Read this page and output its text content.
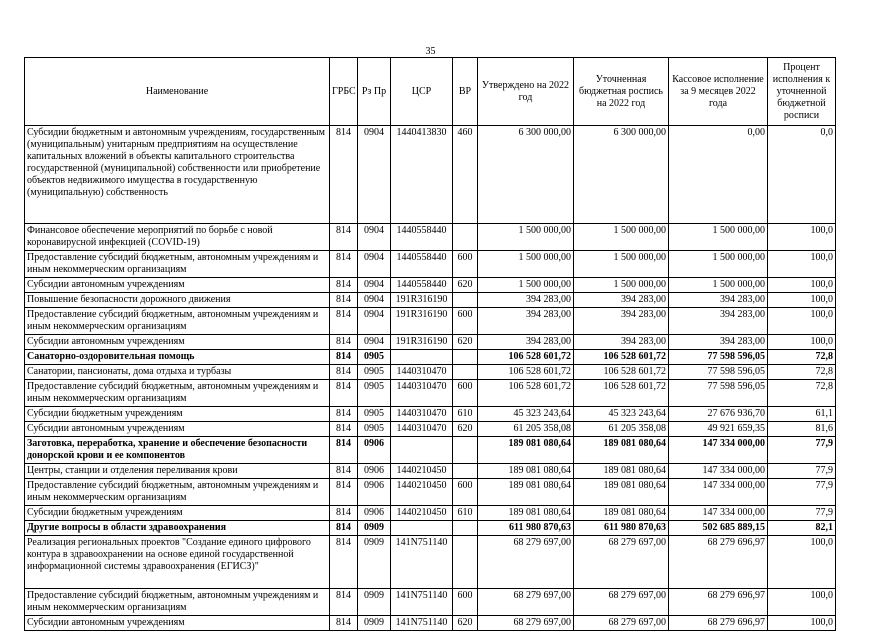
35
Наименование	ГРБС	Рз Пр	ЦСР	ВР	Утверждено на 2022 год	Уточненная бюджетная роспись на 2022 год	Кассовое исполнение за 9 месяцев 2022 года	Процент исполнения к уточненной бюджетной росписи
Субсидии бюджетным и автономным учреждениям, государственным (муниципальным) унитарным предприятиям на осуществление капитальных вложений в объекты капитального строительства государственной (муниципальной) собственности или приобретение объектов недвижимого имущества в государственную (муниципальную) собственность	814	0904	1440413830	460	6 300 000,00	6 300 000,00	0,00	0,0
Финансовое обеспечение мероприятий по борьбе с новой коронавирусной инфекцией (COVID-19)	814	0904	1440558440		1 500 000,00	1 500 000,00	1 500 000,00	100,0
Предоставление субсидий бюджетным, автономным учреждениям и иным некоммерческим организациям	814	0904	1440558440	600	1 500 000,00	1 500 000,00	1 500 000,00	100,0
Субсидии автономным учреждениям	814	0904	1440558440	620	1 500 000,00	1 500 000,00	1 500 000,00	100,0
Повышение безопасности дорожного движения	814	0904	191R316190		394 283,00	394 283,00	394 283,00	100,0
Предоставление субсидий бюджетным, автономным учреждениям и иным некоммерческим организациям	814	0904	191R316190	600	394 283,00	394 283,00	394 283,00	100,0
Субсидии автономным учреждениям	814	0904	191R316190	620	394 283,00	394 283,00	394 283,00	100,0
Санаторно-оздоровительная помощь	814	0905			106 528 601,72	106 528 601,72	77 598 596,05	72,8
Санатории, пансионаты, дома отдыха и турбазы	814	0905	1440310470		106 528 601,72	106 528 601,72	77 598 596,05	72,8
Предоставление субсидий бюджетным, автономным учреждениям и иным некоммерческим организациям	814	0905	1440310470	600	106 528 601,72	106 528 601,72	77 598 596,05	72,8
Субсидии бюджетным учреждениям	814	0905	1440310470	610	45 323 243,64	45 323 243,64	27 676 936,70	61,1
Субсидии автономным учреждениям	814	0905	1440310470	620	61 205 358,08	61 205 358,08	49 921 659,35	81,6
Заготовка, переработка, хранение и обеспечение безопасности донорской крови и ее компонентов	814	0906			189 081 080,64	189 081 080,64	147 334 000,00	77,9
Центры, станции и отделения переливания крови	814	0906	1440210450		189 081 080,64	189 081 080,64	147 334 000,00	77,9
Предоставление субсидий бюджетным, автономным учреждениям и иным некоммерческим организациям	814	0906	1440210450	600	189 081 080,64	189 081 080,64	147 334 000,00	77,9
Субсидии бюджетным учреждениям	814	0906	1440210450	610	189 081 080,64	189 081 080,64	147 334 000,00	77,9
Другие вопросы в области здравоохранения	814	0909			611 980 870,63	611 980 870,63	502 685 889,15	82,1
Реализация региональных проектов "Создание единого цифрового контура в здравоохранении на основе единой государственной информационной системы здравоохранения (ЕГИСЗ)"	814	0909	141N751140		68 279 697,00	68 279 697,00	68 279 696,97	100,0
Предоставление субсидий бюджетным, автономным учреждениям и иным некоммерческим организациям	814	0909	141N751140	600	68 279 697,00	68 279 697,00	68 279 696,97	100,0
Субсидии автономным учреждениям	814	0909	141N751140	620	68 279 697,00	68 279 697,00	68 279 696,97	100,0
